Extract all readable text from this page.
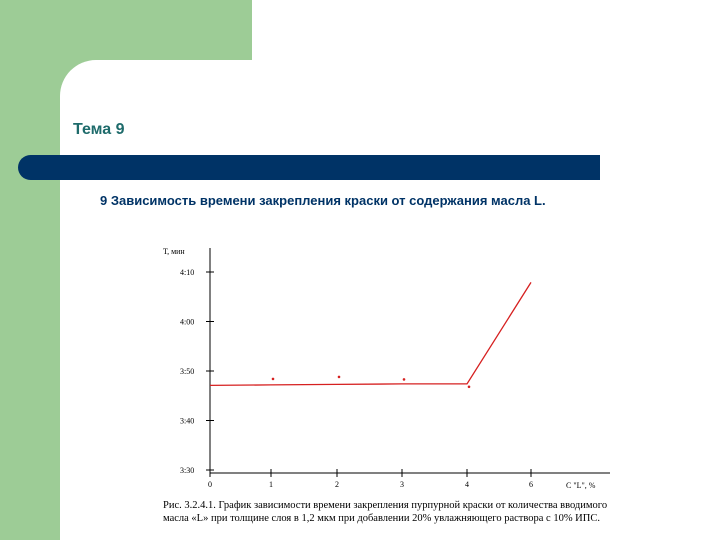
Тема 9
9 Зависимость времени закрепления краски от содержания масла L.
Т, мин
С "L", %
3:30
3:40
3:50
4:00
4:10
0	1	2	3	4	6
Рис. 3.2.4.1. График зависимости времени закрепления пурпурной краски от количества вводимого масла «L» при толщине слоя в 1,2 мкм при добавлении 20% увлажняющего раствора с 10% ИПС.
